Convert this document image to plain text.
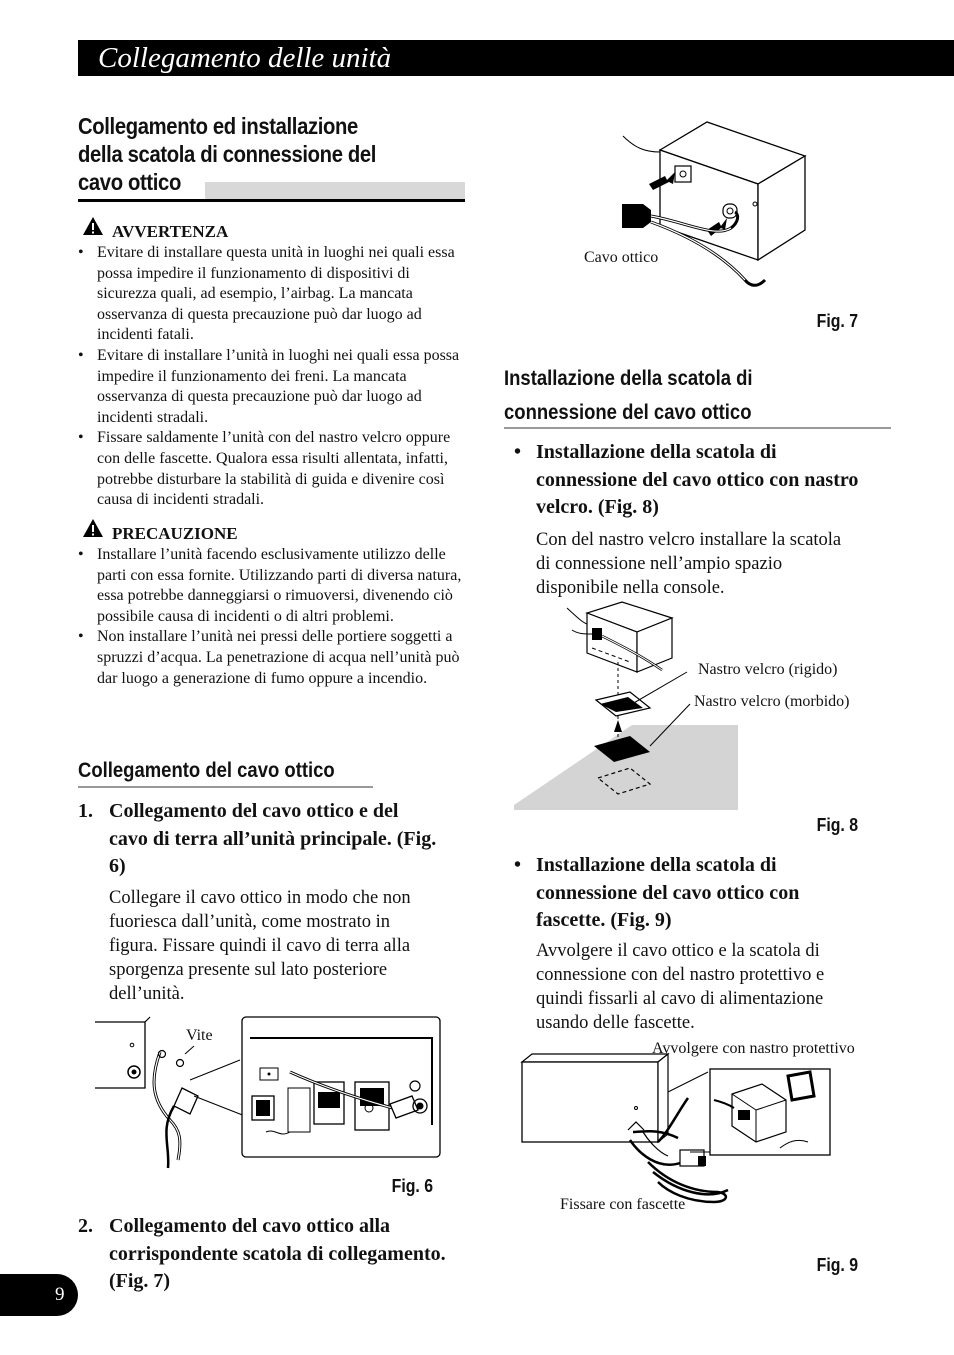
Collegamento delle unità
Collegamento ed installazione
della scatola di connessione del
cavo ottico
AVVERTENZA
• Evitare di installare questa unità in luoghi nei quali essa possa impedire il funzionamento di dispositivi di sicurezza quali, ad esempio, l’airbag. La mancata osservanza di questa precauzione può dar luogo ad incidenti fatali.
• Evitare di installare l’unità in luoghi nei quali essa possa impedire il funzionamento dei freni. La mancata osservanza di questa precauzione può dar luogo ad incidenti stradali.
• Fissare saldamente l’unità con del nastro velcro oppure con delle fascette. Qualora essa risulti allentata, infatti, potrebbe disturbare la stabilità di guida e divenire così causa di incidenti stradali.
PRECAUZIONE
• Installare l’unità facendo esclusivamente utilizzo delle parti con essa fornite. Utilizzando parti di diversa natura, essa potrebbe danneggiarsi o rimuoversi, divenendo ciò possibile causa di incidenti o di altri problemi.
• Non installare l’unità nei pressi delle portiere soggetti a spruzzi d’acqua. La penetrazione di acqua nell’unità può dar luogo a generazione di fumo oppure a incendio.
Collegamento del cavo ottico
1. Collegamento del cavo ottico e del cavo di terra all’unità principale. (Fig. 6)
Collegare il cavo ottico in modo che non fuoriesca dall’unità, come mostrato in figura. Fissare quindi il cavo di terra alla sporgenza presente sul lato posteriore dell’unità.
Vite
Fig. 6
2. Collegamento del cavo ottico alla corrispondente scatola di collegamento. (Fig. 7)
Cavo ottico
Fig. 7
Installazione della scatola di
connessione del cavo ottico
• Installazione della scatola di connessione del cavo ottico con nastro velcro. (Fig. 8)
Con del nastro velcro installare la scatola di connessione nell’ampio spazio disponibile nella console.
Nastro velcro (rigido)
Nastro velcro (morbido)
Fig. 8
• Installazione della scatola di connessione del cavo ottico con fascette. (Fig. 9)
Avvolgere il cavo ottico e la scatola di connessione con del nastro protettivo e quindi fissarli al cavo di alimentazione usando delle fascette.
Avvolgere con nastro protettivo
Fissare con fascette
Fig. 9
9
